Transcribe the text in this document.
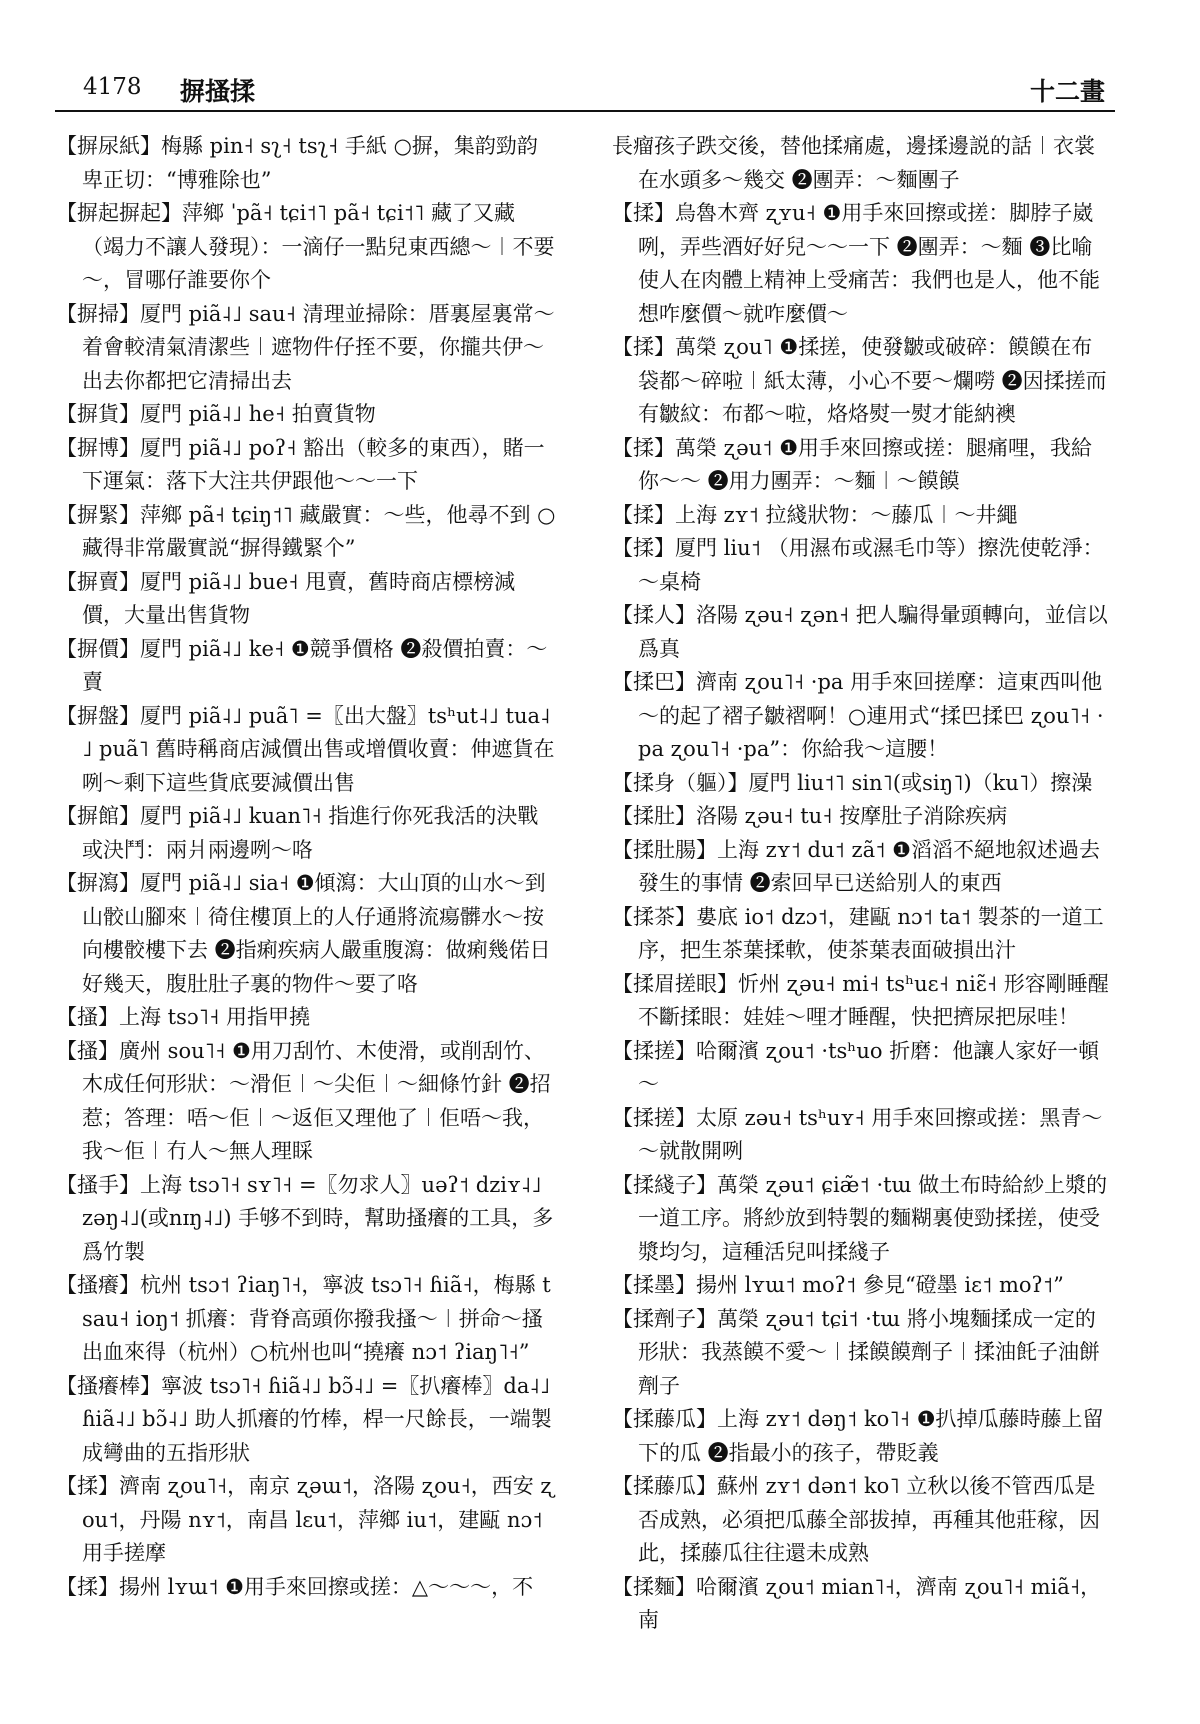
4178 摒搔揉	十二畫

【摒尿紙】梅縣 pin˧ sʅ˧ tsʅ˧ 手紙 ○摒，集韵勁韵卑正切：“博雅除也”

【摒起摒起】萍鄉 ˈpã˧ tɕi˦˥ pã˧ tɕi˦˥ 藏了又藏（竭力不讓人發現）：一滴仔一點兒東西總～︱不要～，冒哪仔誰要你个

【摒掃】厦門 piã˨˩ sau˧ 清理並掃除：厝裏屋裏常～着會較清氣清潔些︱遮物件仔挃不要，你攏共伊～出去你都把它清掃出去

【摒貨】厦門 piã˨˩ he˧ 拍賣貨物

【摒博】厦門 piã˨˩ poʔ˧ 豁出（較多的東西），賭一下運氣：落下大注共伊跟他～～一下

【摒緊】萍鄉 pã˧ tɕiŋ˦˥ 藏嚴實：～些，他尋不到 ○藏得非常嚴實説“摒得鐵緊个”

【摒賣】厦門 piã˨˩ bue˧ 甩賣，舊時商店標榜減價，大量出售貨物

【摒價】厦門 piã˨˩ ke˧ ❶競爭價格 ❷殺價拍賣：～賣

【摒盤】厦門 piã˨˩ puã˥ =〖出大盤〗tsʰut˨˩ tua˨˩ puã˥ 舊時稱商店減價出售或增價收賣：伸遮貨在咧～剩下這些貨底要減價出售

【摒館】厦門 piã˨˩ kuan˥˧ 指進行你死我活的決戰或決鬥：兩爿兩邊咧～咯

【摒瀉】厦門 piã˨˩ sia˧ ❶傾瀉：大山頂的山水～到山骹山腳來︱徛住樓頂上的人仔通將流瘍髒水～按向樓骹樓下去 ❷指痢疾病人嚴重腹瀉：做痢幾偌日好幾天，腹肚肚子裏的物件～要了咯

【搔】上海 tsɔ˥˧ 用指甲撓

【搔】廣州 sou˥˧ ❶用刀刮竹、木使滑，或削刮竹、木成任何形狀：～滑佢︱～尖佢︱～細條竹針 ❷招惹；答理：唔～佢︱～返佢又理他了︱佢唔～我，我～佢︱冇人～無人理睬

【搔手】上海 tsɔ˥˧ sʏ˥˧ =〖勿求人〗uəʔ˦ dziʏ˨˩ zəŋ˨˩(或nɪŋ˨˩) 手够不到時，幫助搔癢的工具，多爲竹製

【搔癢】杭州 tsɔ˦ ʔiaŋ˥˧，寧波 tsɔ˥˧ ɦiã˧，梅縣 tsau˧ ioŋ˦ 抓癢：背脊高頭你撥我搔～︱拼命～搔出血來得（杭州）○杭州也叫“撓癢 nɔ˦ ʔiaŋ˥˧”

【搔癢棒】寧波 tsɔ˥˧ ɦiã˨˩ bɔ̃˨˩ =〖扒癢棒〗da˨˩ ɦiã˨˩ bɔ̃˨˩ 助人抓癢的竹棒，桿一尺餘長，一端製成彎曲的五指形狀

【揉】濟南 ʐou˥˧，南京 ʐəɯ˦，洛陽 ʐou˧，西安 ʐou˦，丹陽 nʏ˦，南昌 lɛu˦，萍鄉 iu˦，建甌 nɔ˦ 用手搓摩

【揉】揚州 lʏɯ˦ ❶用手來回擦或搓：△～～～，不

長瘤孩子跌交後，替他揉痛處，邊揉邊説的話︱衣裳在水頭多～幾交 ❷團弄：～麵團子

【揉】烏魯木齊 ʐʏu˧ ❶用手來回擦或搓：脚脖子崴咧，弄些酒好好兒～～一下 ❷團弄：～麵 ❸比喻使人在肉體上精神上受痛苦：我們也是人，他不能想咋麼價～就咋麼價～

【揉】萬榮 ʐou˥ ❶揉搓，使發皺或破碎：饃饃在布袋都～碎啦︱紙太薄，小心不要～爛嘮 ❷因揉搓而有皺紋：布都～啦，烙烙熨一熨才能納襖

【揉】萬榮 ʐəu˦ ❶用手來回擦或搓：腿痛哩，我給你～～ ❷用力團弄：～麵︱～饃饃

【揉】上海 zʏ˦ 拉綫狀物：～藤瓜︱～井繩

【揉】厦門 liu˦ （用濕布或濕毛巾等）擦洗使乾淨：～桌椅

【揉人】洛陽 ʐəu˧ ʐən˧ 把人騙得暈頭轉向，並信以爲真

【揉巴】濟南 ʐou˥˧ ·pa 用手來回搓摩：這東西叫他～的起了褶子皺褶啊！○連用式“揉巴揉巴 ʐou˥˧ ·pa ʐou˥˧ ·pa”：你給我～這腰！

【揉身（軀）】厦門 liu˦˥ sin˥(或siŋ˥)（ku˥）擦澡

【揉肚】洛陽 ʐəu˧ tu˧ 按摩肚子消除疾病

【揉肚腸】上海 zʏ˦ du˦ zã˦ ❶滔滔不絕地叙述過去發生的事情 ❷索回早已送給别人的東西

【揉茶】婁底 io˦ dzɔ˦，建甌 nɔ˦ ta˦ 製茶的一道工序，把生茶葉揉軟，使茶葉表面破損出汁

【揉眉搓眼】忻州 ʐəu˧ mi˧ tsʰuɛ˧ niɛ̃˧ 形容剛睡醒不斷揉眼：娃娃～哩才睡醒，快把擠尿把尿哇！

【揉搓】哈爾濱 ʐou˦ ·tsʰuo 折磨：他讓人家好一頓～

【揉搓】太原 zəu˧ tsʰuʏ˧ 用手來回擦或搓：黑青～～就散開咧

【揉綫子】萬榮 ʐəu˦ ɕiæ̃˦ ·tɯ 做土布時給紗上漿的一道工序。將紗放到特製的麵糊裏使勁揉搓，使受漿均匀，這種活兒叫揉綫子

【揉墨】揚州 lʏɯ˦ moʔ˦ 參見“磴墨 iɛ˦ moʔ˦”

【揉劑子】萬榮 ʐəu˦ tɕi˦ ·tɯ 將小塊麵揉成一定的形狀：我蒸饃不愛～︱揉饃饃劑子︱揉油飥子油餅劑子

【揉藤瓜】上海 zʏ˦ dəŋ˦ ko˥˧ ❶扒掉瓜藤時藤上留下的瓜 ❷指最小的孩子，帶貶義

【揉藤瓜】蘇州 zʏ˦ dən˦ ko˥ 立秋以後不管西瓜是否成熟，必須把瓜藤全部拔掉，再種其他莊稼，因此，揉藤瓜往往還未成熟

【揉麵】哈爾濱 ʐou˦ mian˥˧，濟南 ʐou˥˧ miã˧，南
